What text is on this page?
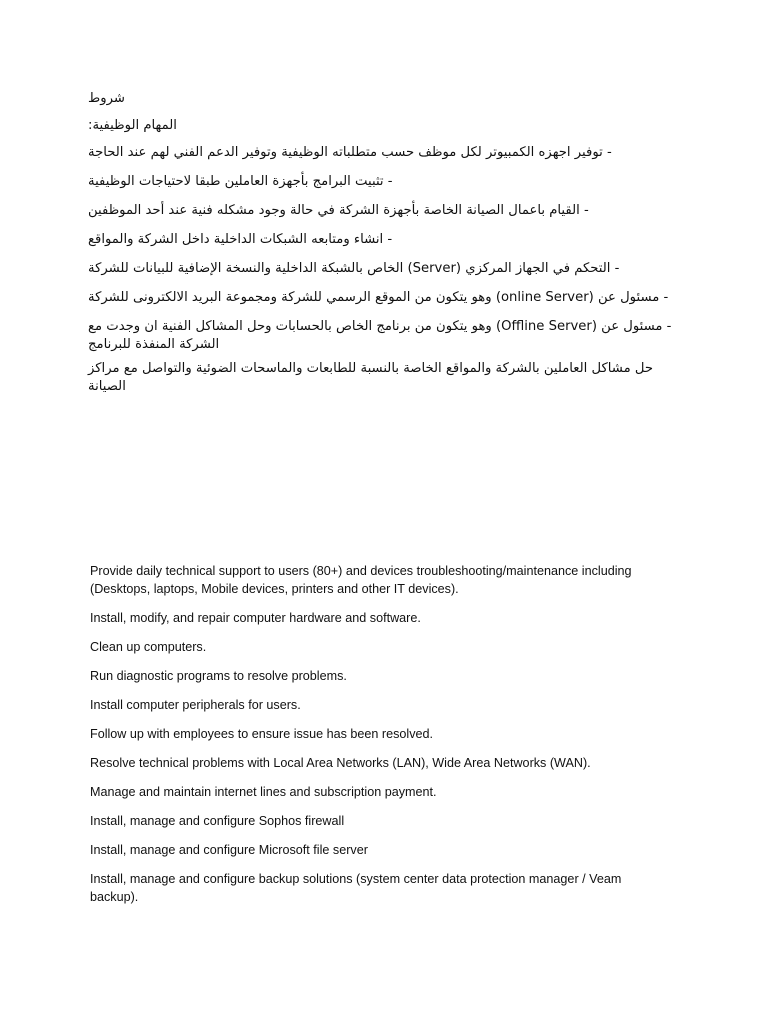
شروط

المهام الوظيفية:

- توفير اجهزه الكمبيوتر لكل موظف حسب متطلباته الوظيفية وتوفير الدعم الفني لهم عند الحاجة

- تثبيت البرامج بأجهزة العاملين طبقا لاحتياجات الوظيفية

- القيام باعمال الصيانة الخاصة بأجهزة الشركة في حالة وجود مشكله فنية عند أحد الموظفين

- انشاء ومتابعه الشبكات الداخلية داخل الشركة والمواقع

- التحكم في الجهاز المركزي (Server) الخاص بالشبكة الداخلية والنسخة الإضافية للبيانات للشركة

- مسئول عن (online Server) وهو يتكون من الموقع الرسمي للشركة ومجموعة البريد الالكترونى للشركة

- مسئول عن (Offline Server) وهو يتكون من برنامج الخاص بالحسابات وحل المشاكل الفنية ان وجدت مع الشركة المنفذة للبرنامج

حل مشاكل العاملين بالشركة والمواقع الخاصة بالنسبة للطابعات والماسحات الضوئية والتواصل مع مراكز الصيانة

Provide daily technical support to users (80+) and devices troubleshooting/maintenance including (Desktops, laptops, Mobile devices, printers and other IT devices).

Install, modify, and repair computer hardware and software.

Clean up computers.

Run diagnostic programs to resolve problems.

Install computer peripherals for users.

Follow up with employees to ensure issue has been resolved.

Resolve technical problems with Local Area Networks (LAN), Wide Area Networks (WAN).

Manage and maintain internet lines and subscription payment.

Install, manage and configure Sophos firewall

Install, manage and configure Microsoft file server

Install, manage and configure backup solutions (system center data protection manager / Veam backup).
